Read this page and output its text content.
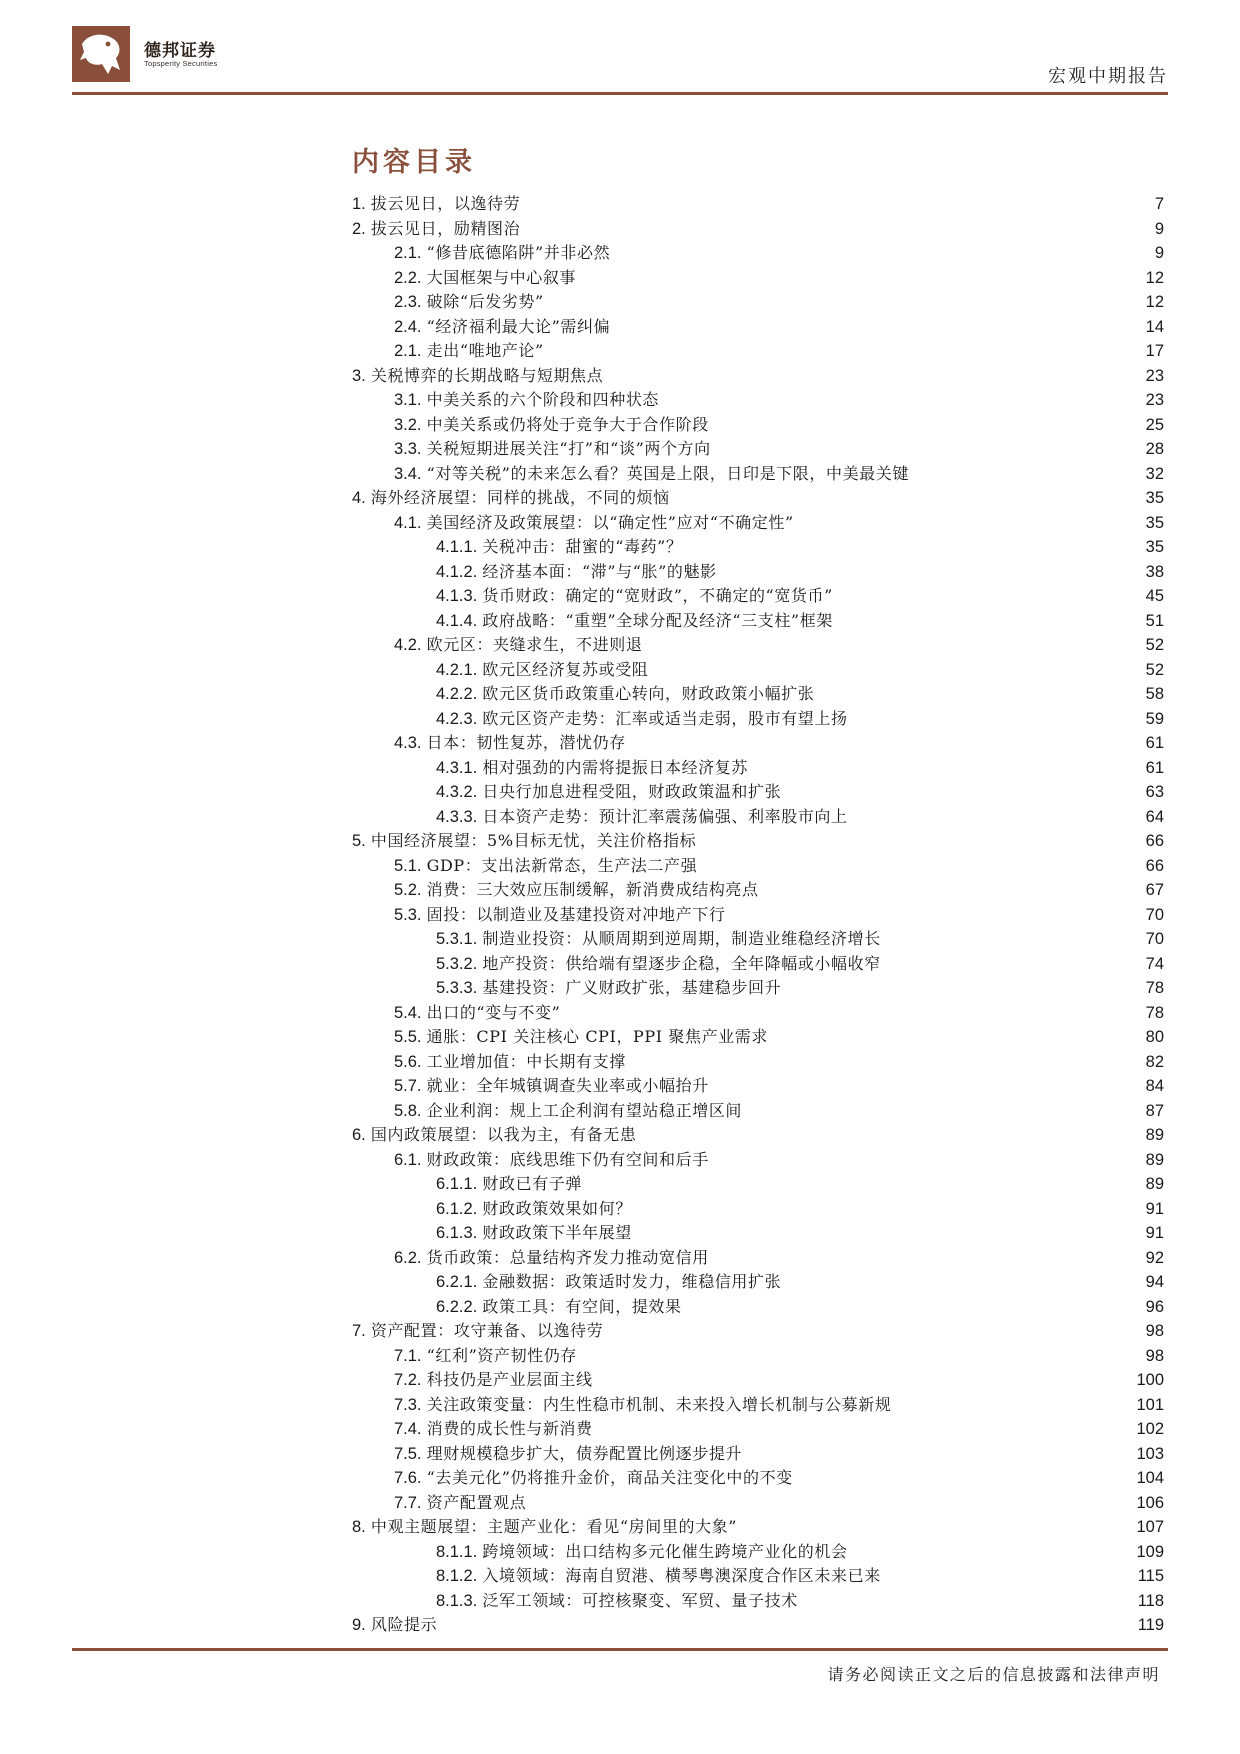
德邦证券
Topsperity Securities
宏观中期报告
内容目录
1. 拔云见日，以逸待劳	7
2. 拔云见日，励精图治	9
2.1. “修昔底德陷阱”并非必然	9
2.2. 大国框架与中心叙事	12
2.3. 破除“后发劣势”	12
2.4. “经济福利最大论”需纠偏	14
2.1. 走出“唯地产论”	17
3. 关税博弈的长期战略与短期焦点	23
3.1. 中美关系的六个阶段和四种状态	23
3.2. 中美关系或仍将处于竞争大于合作阶段	25
3.3. 关税短期进展关注“打”和“谈”两个方向	28
3.4. “对等关税”的未来怎么看？英国是上限，日印是下限，中美最关键	32
4. 海外经济展望：同样的挑战，不同的烦恼	35
4.1. 美国经济及政策展望：以“确定性”应对“不确定性”	35
4.1.1. 关税冲击：甜蜜的“毒药”？	35
4.1.2. 经济基本面：“滞”与“胀”的魅影	38
4.1.3. 货币财政：确定的“宽财政”，不确定的“宽货币”	45
4.1.4. 政府战略：“重塑”全球分配及经济“三支柱”框架	51
4.2. 欧元区：夹缝求生，不进则退	52
4.2.1. 欧元区经济复苏或受阻	52
4.2.2. 欧元区货币政策重心转向，财政政策小幅扩张	58
4.2.3. 欧元区资产走势：汇率或适当走弱，股市有望上扬	59
4.3. 日本：韧性复苏，潜忧仍存	61
4.3.1. 相对强劲的内需将提振日本经济复苏	61
4.3.2. 日央行加息进程受阻，财政政策温和扩张	63
4.3.3. 日本资产走势：预计汇率震荡偏强、利率股市向上	64
5. 中国经济展望：5%目标无忧，关注价格指标	66
5.1. GDP：支出法新常态，生产法二产强	66
5.2. 消费：三大效应压制缓解，新消费成结构亮点	67
5.3. 固投：以制造业及基建投资对冲地产下行	70
5.3.1. 制造业投资：从顺周期到逆周期，制造业维稳经济增长	70
5.3.2. 地产投资：供给端有望逐步企稳，全年降幅或小幅收窄	74
5.3.3. 基建投资：广义财政扩张，基建稳步回升	78
5.4. 出口的“变与不变”	78
5.5. 通胀：CPI 关注核心 CPI，PPI 聚焦产业需求	80
5.6. 工业增加值：中长期有支撑	82
5.7. 就业：全年城镇调查失业率或小幅抬升	84
5.8. 企业利润：规上工企利润有望站稳正增区间	87
6. 国内政策展望：以我为主，有备无患	89
6.1. 财政政策：底线思维下仍有空间和后手	89
6.1.1. 财政已有子弹	89
6.1.2. 财政政策效果如何？	91
6.1.3. 财政政策下半年展望	91
6.2. 货币政策：总量结构齐发力推动宽信用	92
6.2.1. 金融数据：政策适时发力，维稳信用扩张	94
6.2.2. 政策工具：有空间，提效果	96
7. 资产配置：攻守兼备、以逸待劳	98
7.1. “红利”资产韧性仍存	98
7.2. 科技仍是产业层面主线	100
7.3. 关注政策变量：内生性稳市机制、未来投入增长机制与公募新规	101
7.4. 消费的成长性与新消费	102
7.5. 理财规模稳步扩大，债券配置比例逐步提升	103
7.6. “去美元化”仍将推升金价，商品关注变化中的不变	104
7.7. 资产配置观点	106
8. 中观主题展望：主题产业化：看见“房间里的大象”	107
8.1.1. 跨境领域：出口结构多元化催生跨境产业化的机会	109
8.1.2. 入境领域：海南自贸港、横琴粤澳深度合作区未来已来	115
8.1.3. 泛军工领域：可控核聚变、军贸、量子技术	118
9. 风险提示	119
请务必阅读正文之后的信息披露和法律声明
